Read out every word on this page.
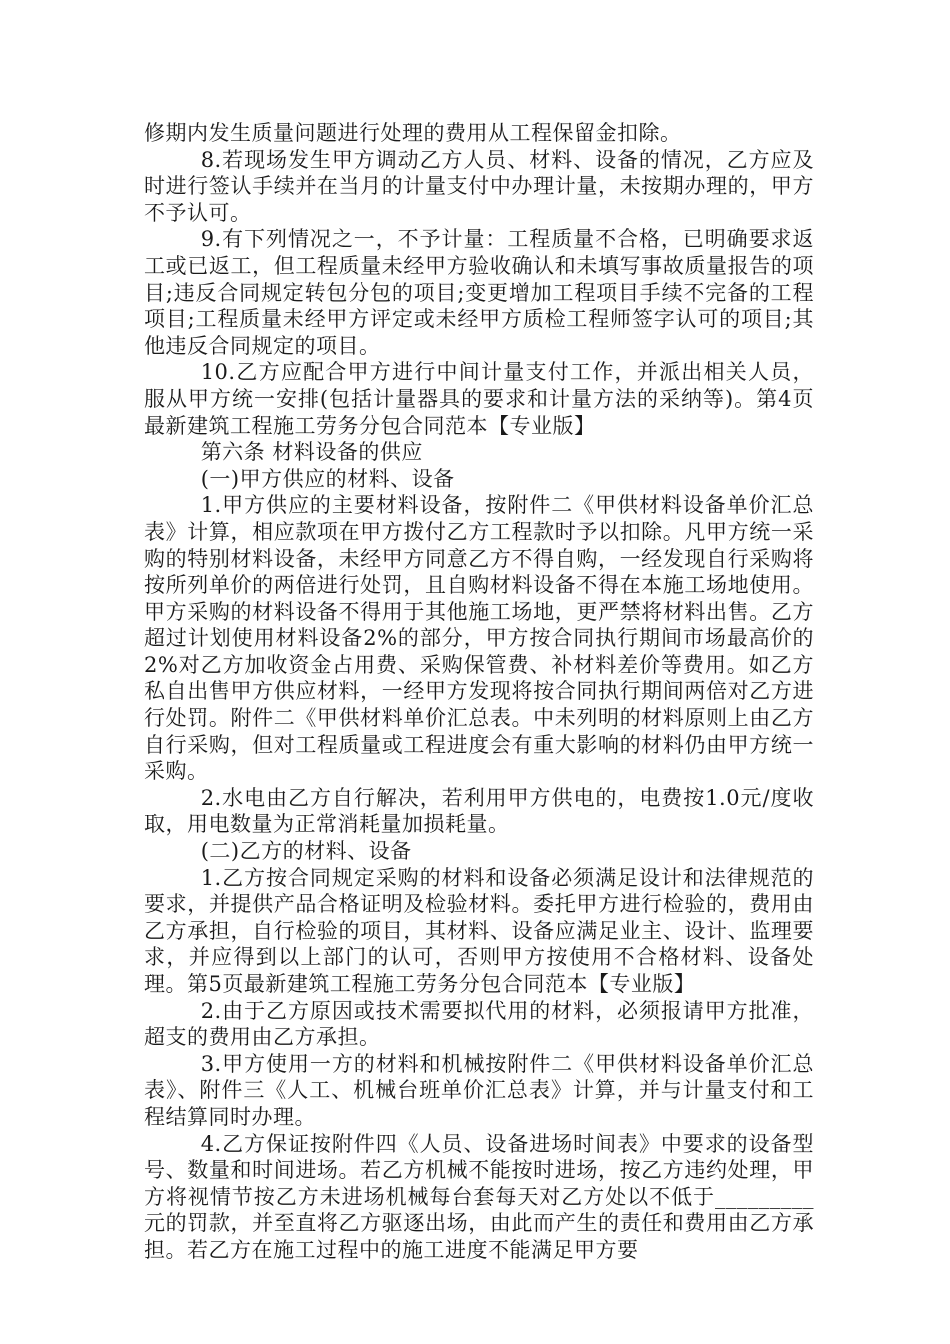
修期内发生质量问题进行处理的费用从工程保留金扣除。

8.若现场发生甲方调动乙方人员、材料、设备的情况，乙方应及时进行签认手续并在当月的计量支付中办理计量，未按期办理的，甲方不予认可。

9.有下列情况之一，不予计量：工程质量不合格，已明确要求返工或已返工，但工程质量未经甲方验收确认和未填写事故质量报告的项目;违反合同规定转包分包的项目;变更增加工程项目手续不完备的工程项目;工程质量未经甲方评定或未经甲方质检工程师签字认可的项目;其他违反合同规定的项目。

10.乙方应配合甲方进行中间计量支付工作，并派出相关人员，服从甲方统一安排(包括计量器具的要求和计量方法的采纳等)。第4页最新建筑工程施工劳务分包合同范本【专业版】

第六条 材料设备的供应

(一)甲方供应的材料、设备

1.甲方供应的主要材料设备，按附件二《甲供材料设备单价汇总表》计算，相应款项在甲方拨付乙方工程款时予以扣除。凡甲方统一采购的特别材料设备，未经甲方同意乙方不得自购，一经发现自行采购将按所列单价的两倍进行处罚，且自购材料设备不得在本施工场地使用。甲方采购的材料设备不得用于其他施工场地，更严禁将材料出售。乙方超过计划使用材料设备2%的部分，甲方按合同执行期间市场最高价的2%对乙方加收资金占用费、采购保管费、补材料差价等费用。如乙方私自出售甲方供应材料，一经甲方发现将按合同执行期间两倍对乙方进行处罚。附件二《甲供材料单价汇总表。中未列明的材料原则上由乙方自行采购，但对工程质量或工程进度会有重大影响的材料仍由甲方统一采购。

2.水电由乙方自行解决，若利用甲方供电的，电费按1.0元/度收取，用电数量为正常消耗量加损耗量。

(二)乙方的材料、设备

1.乙方按合同规定采购的材料和设备必须满足设计和法律规范的要求，并提供产品合格证明及检验材料。委托甲方进行检验的，费用由乙方承担，自行检验的项目，其材料、设备应满足业主、设计、监理要求，并应得到以上部门的认可，否则甲方按使用不合格材料、设备处理。第5页最新建筑工程施工劳务分包合同范本【专业版】

2.由于乙方原因或技术需要拟代用的材料，必须报请甲方批准，超支的费用由乙方承担。

3.甲方使用一方的材料和机械按附件二《甲供材料设备单价汇总表》、附件三《人工、机械台班单价汇总表》计算，并与计量支付和工程结算同时办理。

4.乙方保证按附件四《人员、设备进场时间表》中要求的设备型号、数量和时间进场。若乙方机械不能按时进场，按乙方违约处理，甲方将视情节按乙方未进场机械每台套每天对乙方处以不低于_________元的罚款，并至直将乙方驱逐出场，由此而产生的责任和费用由乙方承担。若乙方在施工过程中的施工进度不能满足甲方要
